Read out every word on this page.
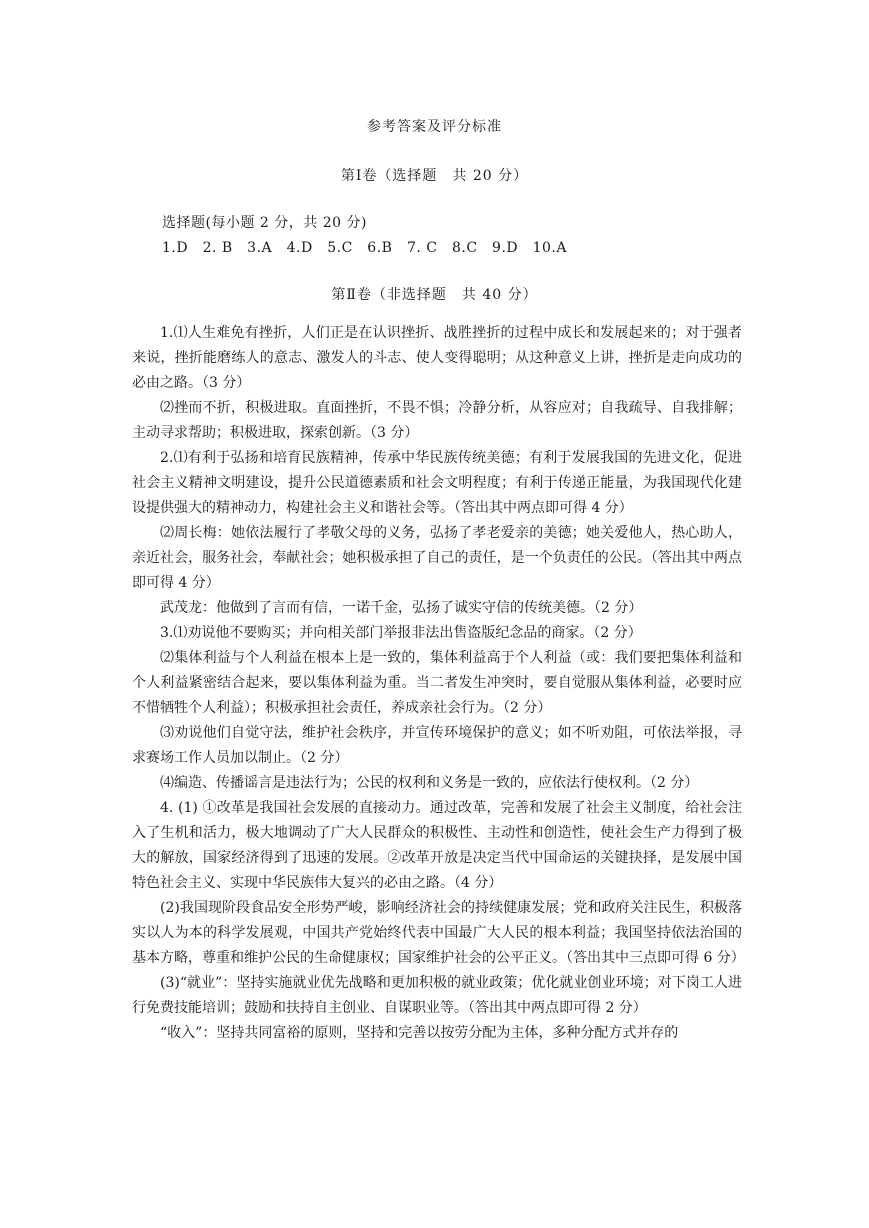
参考答案及评分标准
第Ⅰ卷（选择题　共 20 分）
选择题(每小题 2 分，共 20 分)
1.D　2. B　3.A　4.D　5.C　6.B　7. C　8.C　9.D　10.A
第Ⅱ卷（非选择题　共 40 分）

1.⑴人生难免有挫折，人们正是在认识挫折、战胜挫折的过程中成长和发展起来的；对于强者来说，挫折能磨练人的意志、激发人的斗志、使人变得聪明；从这种意义上讲，挫折是走向成功的必由之路。（3 分）

⑵挫而不折，积极进取。直面挫折，不畏不惧；冷静分析，从容应对；自我疏导、自我排解；主动寻求帮助；积极进取，探索创新。（3 分）

2.⑴有利于弘扬和培育民族精神，传承中华民族传统美德；有利于发展我国的先进文化，促进社会主义精神文明建设，提升公民道德素质和社会文明程度；有利于传递正能量，为我国现代化建设提供强大的精神动力，构建社会主义和谐社会等。（答出其中两点即可得 4 分）

⑵周长梅：她依法履行了孝敬父母的义务，弘扬了孝老爱亲的美德；她关爱他人，热心助人，亲近社会，服务社会，奉献社会；她积极承担了自己的责任，是一个负责任的公民。（答出其中两点即可得 4 分）

武茂龙：他做到了言而有信，一诺千金，弘扬了诚实守信的传统美德。（2 分）

3.⑴劝说他不要购买；并向相关部门举报非法出售盗版纪念品的商家。（2 分）

⑵集体利益与个人利益在根本上是一致的，集体利益高于个人利益（或：我们要把集体利益和个人利益紧密结合起来，要以集体利益为重。当二者发生冲突时，要自觉服从集体利益，必要时应不惜牺牲个人利益）；积极承担社会责任，养成亲社会行为。（2 分）

⑶劝说他们自觉守法，维护社会秩序，并宣传环境保护的意义；如不听劝阻，可依法举报，寻求赛场工作人员加以制止。（2 分）

⑷编造、传播谣言是违法行为；公民的权利和义务是一致的，应依法行使权利。（2 分）

4. (1) ①改革是我国社会发展的直接动力。通过改革，完善和发展了社会主义制度，给社会注入了生机和活力，极大地调动了广大人民群众的积极性、主动性和创造性，使社会生产力得到了极大的解放，国家经济得到了迅速的发展。②改革开放是决定当代中国命运的关键抉择，是发展中国特色社会主义、实现中华民族伟大复兴的必由之路。（4 分）

(2)我国现阶段食品安全形势严峻，影响经济社会的持续健康发展；党和政府关注民生，积极落实以人为本的科学发展观，中国共产党始终代表中国最广大人民的根本利益；我国坚持依法治国的基本方略，尊重和维护公民的生命健康权；国家维护社会的公平正义。（答出其中三点即可得 6 分）

(3)“就业”：坚持实施就业优先战略和更加积极的就业政策；优化就业创业环境；对下岗工人进行免费技能培训；鼓励和扶持自主创业、自谋职业等。（答出其中两点即可得 2 分）

“收入”：坚持共同富裕的原则，坚持和完善以按劳分配为主体，多种分配方式并存的
